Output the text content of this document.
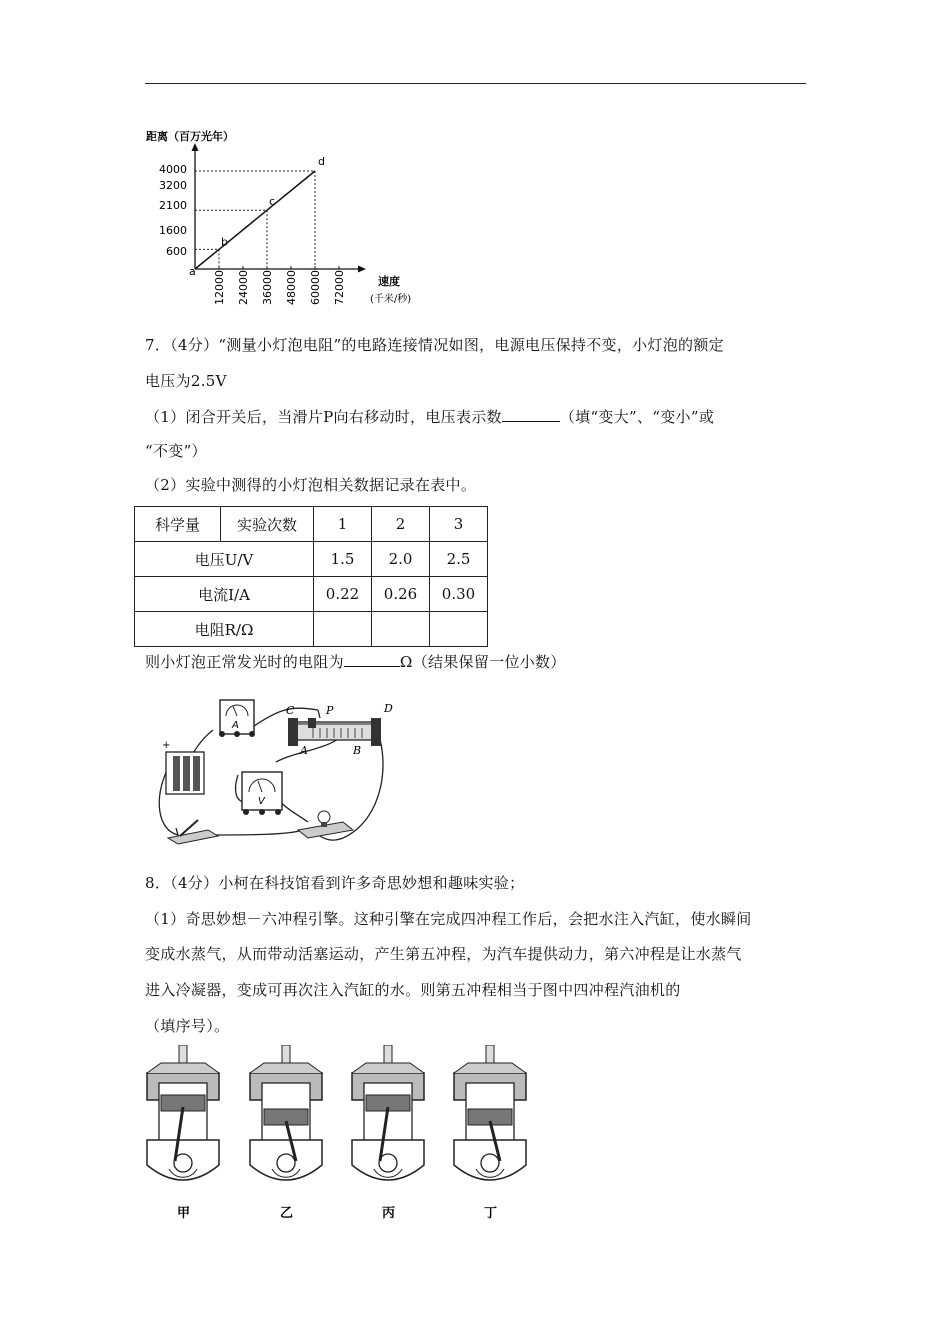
距离（百万光年）
速度
(千米/秒)
600
1600
2100
3200
4000
12000 24000 36000 48000 60000 72000
a
b
c
d
7．（4分）“测量小灯泡电阻”的电路连接情况如图，电源电压保持不变，小灯泡的额定
电压为2.5V
（1）闭合开关后，当滑片P向右移动时，电压表示数	（填“变大”、“变小”或
“不变”）
（2）实验中测得的小灯泡相关数据记录在表中。
科学量	实验次数	1	2	3
电压U/V		1.5	2.0	2.5
电流I/A		0.22	0.26	0.30
电阻R/Ω				
则小灯泡正常发光时的电阻为	Ω（结果保留一位小数）
A
C	P	D
A	B
+
V
8．（4分）小柯在科技馆看到许多奇思妙想和趣味实验；
（1）奇思妙想－六冲程引擎。这种引擎在完成四冲程工作后，会把水注入汽缸，使水瞬间
变成水蒸气，从而带动活塞运动，产生第五冲程，为汽车提供动力，第六冲程是让水蒸气
进入冷凝器，变成可再次注入汽缸的水。则第五冲程相当于图中四冲程汽油机的
（填序号）。
甲	乙	丙	丁
